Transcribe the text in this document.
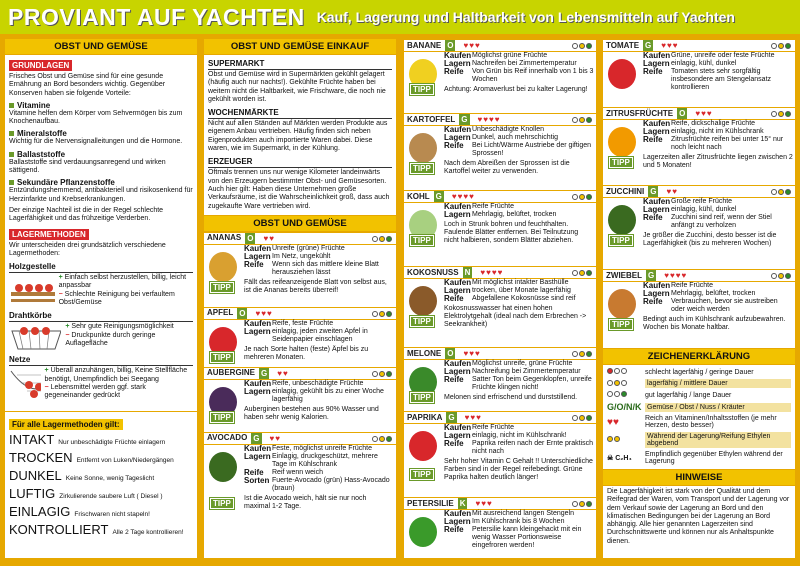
PROVIANT AUF YACHTEN Kauf, Lagerung und Haltbarkeit von Lebensmitteln auf Yachten
OBST UND GEMÜSE
GRUNDLAGEN
Frisches Obst und Gemüse sind für eine gesunde Ernährung an Bord besonders wichtig. Gegenüber Konserven haben sie folgende Vorteile:
Vitamine
Vitamine helfen dem Körper vom Sehvermögen bis zum Knochenaufbau.
Mineralstoffe
Wichtig für die Nervensignalleitungen und die Hormone.
Ballaststoffe
Ballaststoffe sind verdauungsanregend und wirken sättigend.
Sekundäre Pflanzenstoffe
Entzündungshemmend, antibakteriell und risikosenkend für Herzinfarkte und Krebserkrankungen.
Der einzige Nachteil ist die in der Regel schlechte Lagerfähigkeit und das frühzeitige Verderben.
LAGERMETHODEN
Wir unterscheiden drei grundsätzlich verschiedene Lagermethoden:
Holzgestelle
+ Einfach selbst herzustellen, billig, leicht anpassbar
− Schlechte Reinigung bei verfaultem Obst/Gemüse
Drahtkörbe
+ Sehr gute Reinigungsmöglichkeit
− Druckpunkte durch geringe Auflagefläche
Netze
+ Überall anzuhängen, billig, Keine Stellfläche benötigt, Unempfindlich bei Seegang
− Lebensmittel werden ggf. stark gegeneinander gedrückt
Für alle Lagermethoden gilt:
INTAKT Nur unbeschädigte Früchte einlagern
TROCKEN Entfernt von Luken/Niedergängen
DUNKEL Keine Sonne, wenig Tageslicht
LUFTIG Zirkulierende saubere Luft ( Diesel )
EINLAGIG Frischwaren nicht stapeln!
KONTROLLIERT Alle 2 Tage kontrollieren!
OBST UND GEMÜSE EINKAUF
SUPERMARKT
Obst und Gemüse wird in Supermärkten gekühlt gelagert (häufig auch nur nachts!). Gekühlte Früchte haben bei weitem nicht die Haltbarkeit, wie Frischware, die noch nie gekühlt worden ist.
WOCHENMÄRKTE
Nicht auf allen Ständen auf Märkten werden Produkte aus eigenem Anbau vertrieben. Häufig finden sich neben Eigenprodukten auch importierte Waren dabei. Diese waren, wie im Supermarkt, in der Kühlung.
ERZEUGER
Oftmals trennen uns nur wenige Kilometer landeinwärts von den Erzeugern bestimmter Obst- und Gemüsesorten. Auch hier gilt: Haben diese Unternehmen große Verkaufsräume, ist die Wahrscheinlichkeit groß, dass auch zugekaufte Ware vertrieben wird.
OBST UND GEMÜSE
ANANAS O ♥♥
Kaufen Unreife (grüne) Früchte
Lagern Im Netz, ungekühlt
Reife	Wenn sich das mittlere kleine Blatt herausziehen lässt
Fällt das reifeanzeigende Blatt von selbst aus, ist die Ananas bereits überreif!
TIPP
APFEL O ♥♥♥
Kaufen Reife, feste Früchte
Lagern einlagig, jeden zweiten Apfel in Seidenpapier einschlagen
Je nach Sorte halten (feste) Äpfel bis zu mehreren Monaten.
TIPP
AUBERGINE G ♥♥
Kaufen Reife, unbeschädigte Früchte
Lagern einlagig, gekühlt bis zu einer Woche lagerfähig
Auberginen bestehen aus 90% Wasser und haben sehr wenig Kalorien.
TIPP
AVOCADO G ♥♥
Kaufen Feste, möglichst unreife Früchte
Lagern Einlagig, druckgeschützt, mehrere Tage im Kühlschrank
Reife	Reif wenn weich
Sorten Fuerte-Avocado (grün) Hass-Avocado (braun)
Ist die Avocado weich, hält sie nur noch maximal 1-2 Tage.
TIPP
BANANE O ♥♥♥
Kaufen Möglichst grüne Früchte
Lagern Nachreifen bei Zimmertemperatur
Reife	Von Grün bis Reif innerhalb von 1 bis 3 Wochen
Achtung: Aromaverlust bei zu kalter Lagerung!
TIPP
KARTOFFEL G ♥♥♥♥
Kaufen Unbeschädigte Knollen
Lagern Dunkel, auch mehrschichtig
Reife	Bei Licht/Wärme Austriebe der giftigen Sprossen!
Nach dem Abreißen der Sprossen ist die Kartoffel weiter zu verwenden.
TIPP
KOHL G ♥♥♥♥
Kaufen Reife Früchte
Lagern Mehrlagig, belüftet, trocken
Loch in Strunk bohren und feuchthalten. Faulende Blätter entfernen. Bei Teilnutzung nicht halbieren, sondern Blätter abziehen.
TIPP
KOKOSNUSS N ♥♥♥♥
Kaufen Mit möglichst intakter Basthülle
Lagern trocken, über Monate lagerfähig
Reife	Abgefallene Kokosnüsse sind reif
Kokosnusswasser hat einen hohen Elektrolytgehalt (ideal nach dem Erbrechen -> Seekrankheit)
TIPP
MELONE O ♥♥♥
Kaufen Möglichst unreife, grüne Früchte
Lagern Nachreifung bei Zimmertemperatur
Reife	Satter Ton beim Gegenklopfen, unreife Früchte klingen nicht!
Melonen sind erfrischend und durststillend.
TIPP
PAPRIKA G ♥♥♥
Kaufen Reife Früchte
Lagern einlagig, nicht im Kühlschrank!
Reife	Paprika reifen nach der Ernte praktisch nicht nach
Sehr hoher Vitamin C Gehalt !! Unterschiedliche Farben sind in der Regel reifebedingt. Grüne Paprika halten deutlich länger!
TIPP
PETERSILIE K ♥♥♥
Kaufen Mit ausreichend langen Stengeln
Lagern Im Kühlschrank bis 8 Wochen
Reife	Petersilie kann kleingehackt mit ein wenig Wasser Portionsweise eingefroren werden!
TOMATE G ♥♥♥
Kaufen Grüne, unreife oder feste Früchte
Lagern einlagig, kühl, dunkel
Reife	Tomaten stets sehr sorgfältig insbesondere am Stengelansatz kontrollieren
ZITRUSFRÜCHTE O ♥♥♥
Kaufen Reife, dickschalige Früchte
Lagern einlagig, nicht im Kühlschrank
Reife	Zitrusfrüchte reifen bei unter 15° nur noch leicht nach
Lagerzeiten aller Zitrusfrüchte liegen zwischen 2 und 5 Monaten!
TIPP
ZUCCHINI G ♥♥
Kaufen Große reife Früchte
Lagern einlagig, kühl, dunkel
Reife	Zucchini sind reif, wenn der Stiel anfängt zu verholzen
Je größer die Zucchini, desto besser ist die Lagerfähigkeit (bis zu mehreren Wochen)
TIPP
ZWIEBEL G ♥♥♥♥
Kaufen Reife Früchte
Lagern Mehrlagig, belüftet, trocken
Reife	Verbrauchen, bevor sie austreiben oder weich werden
Bedingt auch im Kühlschrank aufzubewahren. Wochen bis Monate haltbar.
TIPP
ZEICHENERKLÄRUNG
schlecht lagerfähig / geringe Dauer
lagerfähig / mittlere Dauer
gut lagerfähig / lange Dauer
G/O/N/K Gemüse / Obst / Nuss / Kräuter
♥♥	Reich an Vitaminen/Inhaltsstoffen (je mehr Herzen, desto besser)
Während der Lagerung/Reifung Ethylen abgebend
☠ C₂H₄
Empfindlich gegenüber Ethylen während der Lagerung
HINWEISE
Die Lagerfähigkeit ist stark von der Qualität und dem Reifegrad der Waren, vom Transport und der Lagerung vor dem Verkauf sowie der Lagerung an Bord und den klimatischen Bedingungen bei der Lagerung an Bord abhängig. Alle hier genannten Lagerzeiten sind Durchschnittswerte und können nur als Anhaltspunkte dienen.
